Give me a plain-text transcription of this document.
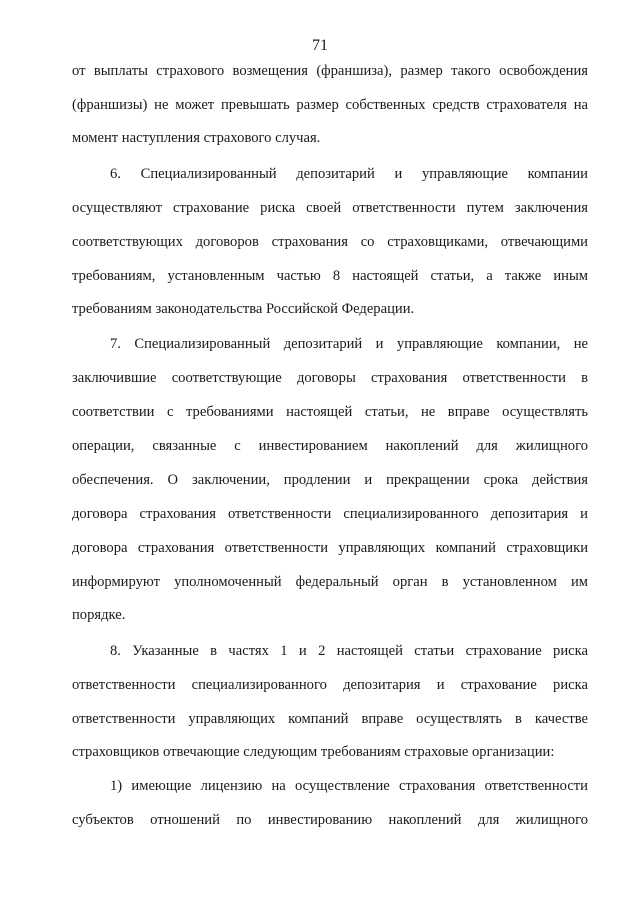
71
от выплаты страхового возмещения (франшиза), размер такого освобождения
(франшизы) не может превышать размер собственных средств страхователя на
момент наступления страхового случая.
6. Специализированный депозитарий и управляющие компании
осуществляют страхование риска своей ответственности путем заключения
соответствующих договоров страхования со страховщиками, отвечающими
требованиям, установленным частью 8 настоящей статьи, а также иным
требованиям законодательства Российской Федерации.
7. Специализированный депозитарий и управляющие компании, не
заключившие соответствующие договоры страхования ответственности в
соответствии с требованиями настоящей статьи, не вправе осуществлять
операции, связанные с инвестированием накоплений для жилищного
обеспечения. О заключении, продлении и прекращении срока действия
договора страхования ответственности специализированного депозитария и
договора страхования ответственности управляющих компаний страховщики
информируют уполномоченный федеральный орган в установленном им
порядке.
8. Указанные в частях 1 и 2 настоящей статьи страхование риска
ответственности специализированного депозитария и страхование риска
ответственности управляющих компаний вправе осуществлять в качестве
страховщиков отвечающие следующим требованиям страховые организации:
1) имеющие лицензию на осуществление страхования ответственности
субъектов отношений по инвестированию накоплений для жилищного
